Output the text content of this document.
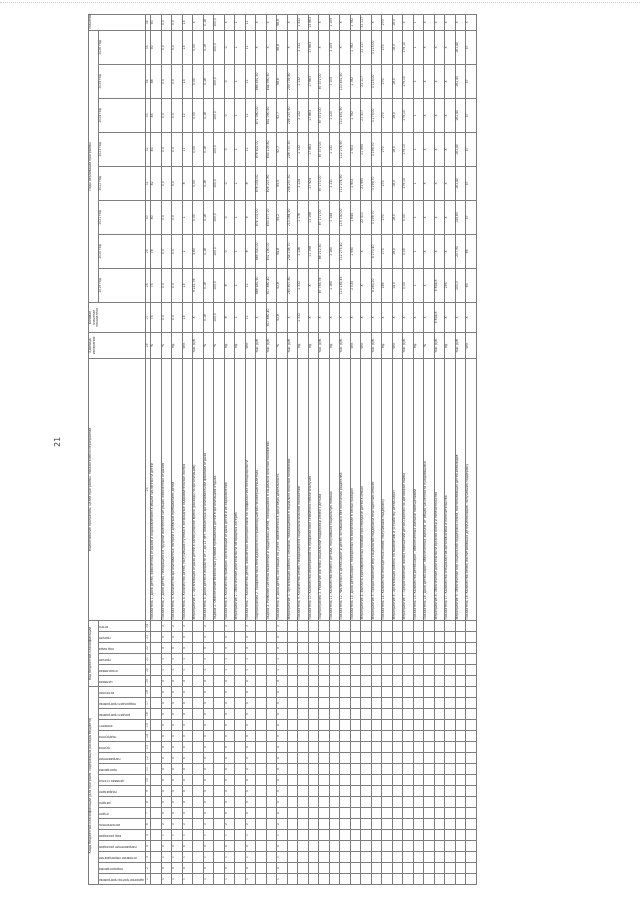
21
Коды бюджетной классификации (для программ, содержащих расходы бюджета)																		Код бюджетной классификации						Наименование программы, целей программы, показателей и мероприятий	Единица измерения	Базовое значение показателя	Годы реализации программы								Значение	
администратор программы	подпрограмма	основное мероприятие	направление расходов	вид расходов	исполнитель	отдел	раздел	подраздел	целевая статья	программа	направление	группа	подгруппа	элемент	раздел программы	подраздел программы	источник	целевая	отраслевая	прочие	код вида	прочее	итого				2019 год	2020 год	2021 год	2022 год	2023 год	2024 год	2025 год	2026 год		
1	2	3	4	5	6	7	8	9	10	11	12	13	14	15	16	17	18	19	20	21	22	23	24	25	26	27	28	29	30	31	32	33	34	35	36	
																								Показатель 1. Доля детей, охваченных отдыхом и оздоровлением в общей численности детей	%	75	75	78	80	82	83	85	88	90	90	
1	0	1	0	1	2	0	0	0	0	0	0	0	0	0	0	0	0	0	1	1	0	0	2	Показатель 2. Доля детей, находящихся в трудной жизненной ситуации, охваченных отдыхом	%	0,0	0,0	0,0	0,0	0,0	0,0	0,0	0,0	0,0	0,0	
1	0	1	0	1	2	0	0	0	0	0	0	0	0	0	0	0	0	0	1	1	0	0	2	Показатель 3. Количество организованных лагерей с дневным пребыванием детей	ед.	0,0	0,0	0,0	0,0	0,0	0,0	0,0	0,0	0,0	0,0	
1	0	1	0	1	2	0	0	0	0	0	0	0	0	0	0	0	0	0	1	1	0	0	2	Показатель 4. Количество детей, получивших путевки в загородные оздоровительные лагеря	чел.	15	15	1	1	8	11	12	13	15	15	
																								Мероприятие 1. Организация отдыха детей в каникулярное время (расходы на организацию)	тыс. руб.	Х	9 141,76	3,60	0,00	0,00	0,00	0,00	0,00	0,00	Х	
1	0	1	0	1	2	0	0	0	0	0	0	0	0	0	0	0	0	0	1	1	0	0	2	Показатель 5. Доля детей в возрасте от 7 до 15 лет, охваченных организованными формами отдыха	%	0,16	0,16	0,16	0,16	0,16	0,16	0,16	0,16	0,16	0,16	
																								Задача 2. Обеспечение безопасных условий пребывания детей в организациях отдыха	%	100,0	100,0	100,0	100,0	100,0	100,0	100,0	100,0	100,0	100,0	
1	0	1	0	1	2	0	0	0	0	0	0	0	0	0	0	0	0	0	1	1	0	0	2	Показатель 6. Количество проверок организаций отдыха детей и их оздоровления	ед.	8	8	0	0	0	0	0	0	0	Х	
																								Мероприятие 2. Обеспечение деятельности загородных лагерей	ед.	1	1	1	1	1	1	1	1	1	1	
1	0	1	0	1	2	0	0	0	0	0	0	0	0	0	0	0	0	0	1	1	0	0	2	Показатель 7. Количество детей, охваченных мероприятиями по профилактике безнадзорности	чел.	11	11	8	9	8	11	11	11	11	11	
																								Подпрограмма 2. Профилактика безнадзорности и правонарушений несовершеннолетних	тыс. руб.	Х	868 481,90	869 300,00	874 102,00	876 035,00	876 402,00	871 080,00	866 491,50	Х	Х	
																								Задача 3. Развитие системы выявления и поддержки детей, находящихся в социально опасном положении	тыс. руб.	617 880,40	617 880,40	651 190,00	653 477,20	626 207,80	643 109,80	641 090,90	644 990,90	Х	Х	
1	0	1	0	1	2	0	0	0	0	0	0	0	0	0	0	0	0	0	1	1	0	0	2	Показатель 8. Доля детей, состоящих на учете, вовлеченных в досуговую деятельность	%	92,8	92,8	94,8	95,2	95,5	92,7	92,7	98,6	98,6	98,6	
																								Мероприятие 3. Организация работы с семьями, находящимися в социально опасном положении	тыс. руб.	Х	263 807,80	254 138,70	213 084,90	208 257,50	208 757,50	206 257,90	209 739,80	Х	Х	
																								Показатель 9. Количество семей, находящихся в социально опасном положении	ед.	1 332	1 332	1 136	1 176	1 124	1 132	1 132	1 132	1 132	1 332	
																								Показатель 10. Количество мероприятий по профилактике семейного неблагополучия	ед.	Х	Х	11 198	11 198	17 924	17 863	17 863	17 863	17 863	13 863	
																								Подпрограмма 3. Развитие системы социальной поддержки семей с детьми	тыс. руб.	Х	87 785,76	86 212,50	87 172,00	87 172,00	87 372,00	87 372,00	87 372,00	Х	Х	
																								Показатель 11. Количество семей с детьми, получивших социальную помощь	ед.	Х	1 160	1 160	1 144	1 131	1 131	1 120	1 105	1 105	1 105	
																								Показатель 12. Численность детей-сирот и детей, оставшихся без попечения родителей	тыс. руб.	Х	113 183,45	112 273,40	115 130,00	112 274,90	112 274,90	110 451,90	110 451,90	Х	Х	
																								Показатель 13. Доля детей-сирот, переданных на воспитание в семьи граждан	чел.	Х	2 035	1 990	1 845	1 903	1 903	1 782	1 782	1 782	1 782	
																								Мероприятие 4. Выплата единовременных пособий при передаче детей в семью	чел.	Х	Х	Х	22 511	21 995	21 995	21 317	21 117	21 117	21 117	
																								Мероприятие 5. Предоставление мер социальной поддержки многодетным семьям	тыс. руб.	Х	4 263,20	4 270,40	3 199,70	3 199,70	3 199,70	3 175,00	3 115,00	3 115,00	Х	
																								Показатель 14. Количество многодетных семей, получивших поддержку	ед.	Х	165	173	270	270	270	270	270	270	270	
																								Мероприятие 6. Организация работы по выявлению и устройству детей-сирот	чел.	Х	14,0	18,0	18,0	18,0	18,0	18,0	18,0	18,0	18,0	
																								Мероприятие 7. Предоставление жилых помещений детям-сиротам по договорам найма	тыс. руб.	Х	0,00	0,00	0,00	179,10	179,10	179,10	179,10	179,10	Х	
																								Показатель 15. Количество детей-сирот, обеспеченных жилыми помещениями	ед.	Х	1	1	1	1	1	1	1	1	1	
																								Показатель 16. Доля детей-сирот, обеспеченных жильем, от общей численности нуждающихся	%	Х	Х	Х	Х	Х	Х	Х	Х	Х	Х	
																								Мероприятие 8. Обеспечение деятельности органов опеки и попечительства	тыс. руб.	9 836,8	9 836,8	Х	Х	Х	Х	Х	Х	Х	Х	
																								Показатель 17. Количество специалистов органов опеки и попечительства	ед.	Х	295	Х	Х	Х	Х	Х	Х	Х	Х	
																								Мероприятие 9. Обеспечение мер социальной поддержки семей, воспитывающих детей-инвалидов	тыс. руб.	Х	200,0	207,90	155,60	161,40	161,40	161,40	161,40	161,40	Х	
																								Показатель 18. Количество семей, воспитывающих детей-инвалидов, получивших поддержку	чел.	Х	83	85	57	57	57	57	57	57	Х	
